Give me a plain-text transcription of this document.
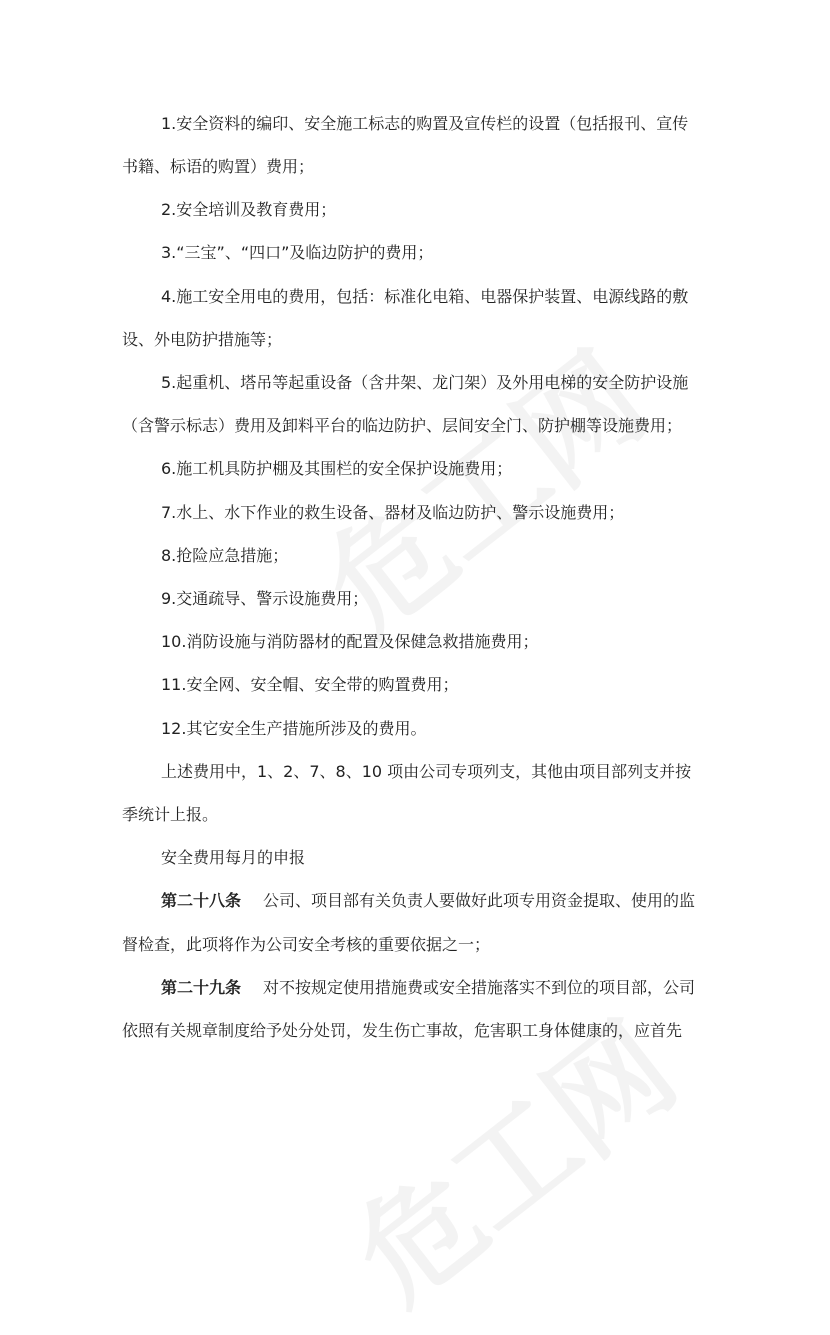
1.安全资料的编印、安全施工标志的购置及宣传栏的设置（包括报刊、宣传

书籍、标语的购置）费用；

2.安全培训及教育费用；

3.“三宝”、“四口”及临边防护的费用；

4.施工安全用电的费用，包括：标准化电箱、电器保护装置、电源线路的敷

设、外电防护措施等；

5.起重机、塔吊等起重设备（含井架、龙门架）及外用电梯的安全防护设施

（含警示标志）费用及卸料平台的临边防护、层间安全门、防护棚等设施费用；

6.施工机具防护棚及其围栏的安全保护设施费用；

7.水上、水下作业的救生设备、器材及临边防护、警示设施费用；

8.抢险应急措施；

9.交通疏导、警示设施费用；

10.消防设施与消防器材的配置及保健急救措施费用；

11.安全网、安全帽、安全带的购置费用；

12.其它安全生产措施所涉及的费用。

上述费用中，1、2、7、8、10 项由公司专项列支，其他由项目部列支并按

季统计上报。

安全费用每月的申报

第二十八条 公司、项目部有关负责人要做好此项专用资金提取、使用的监

督检查，此项将作为公司安全考核的重要依据之一；

第二十九条 对不按规定使用措施费或安全措施落实不到位的项目部，公司

依照有关规章制度给予处分处罚，发生伤亡事故，危害职工身体健康的，应首先
